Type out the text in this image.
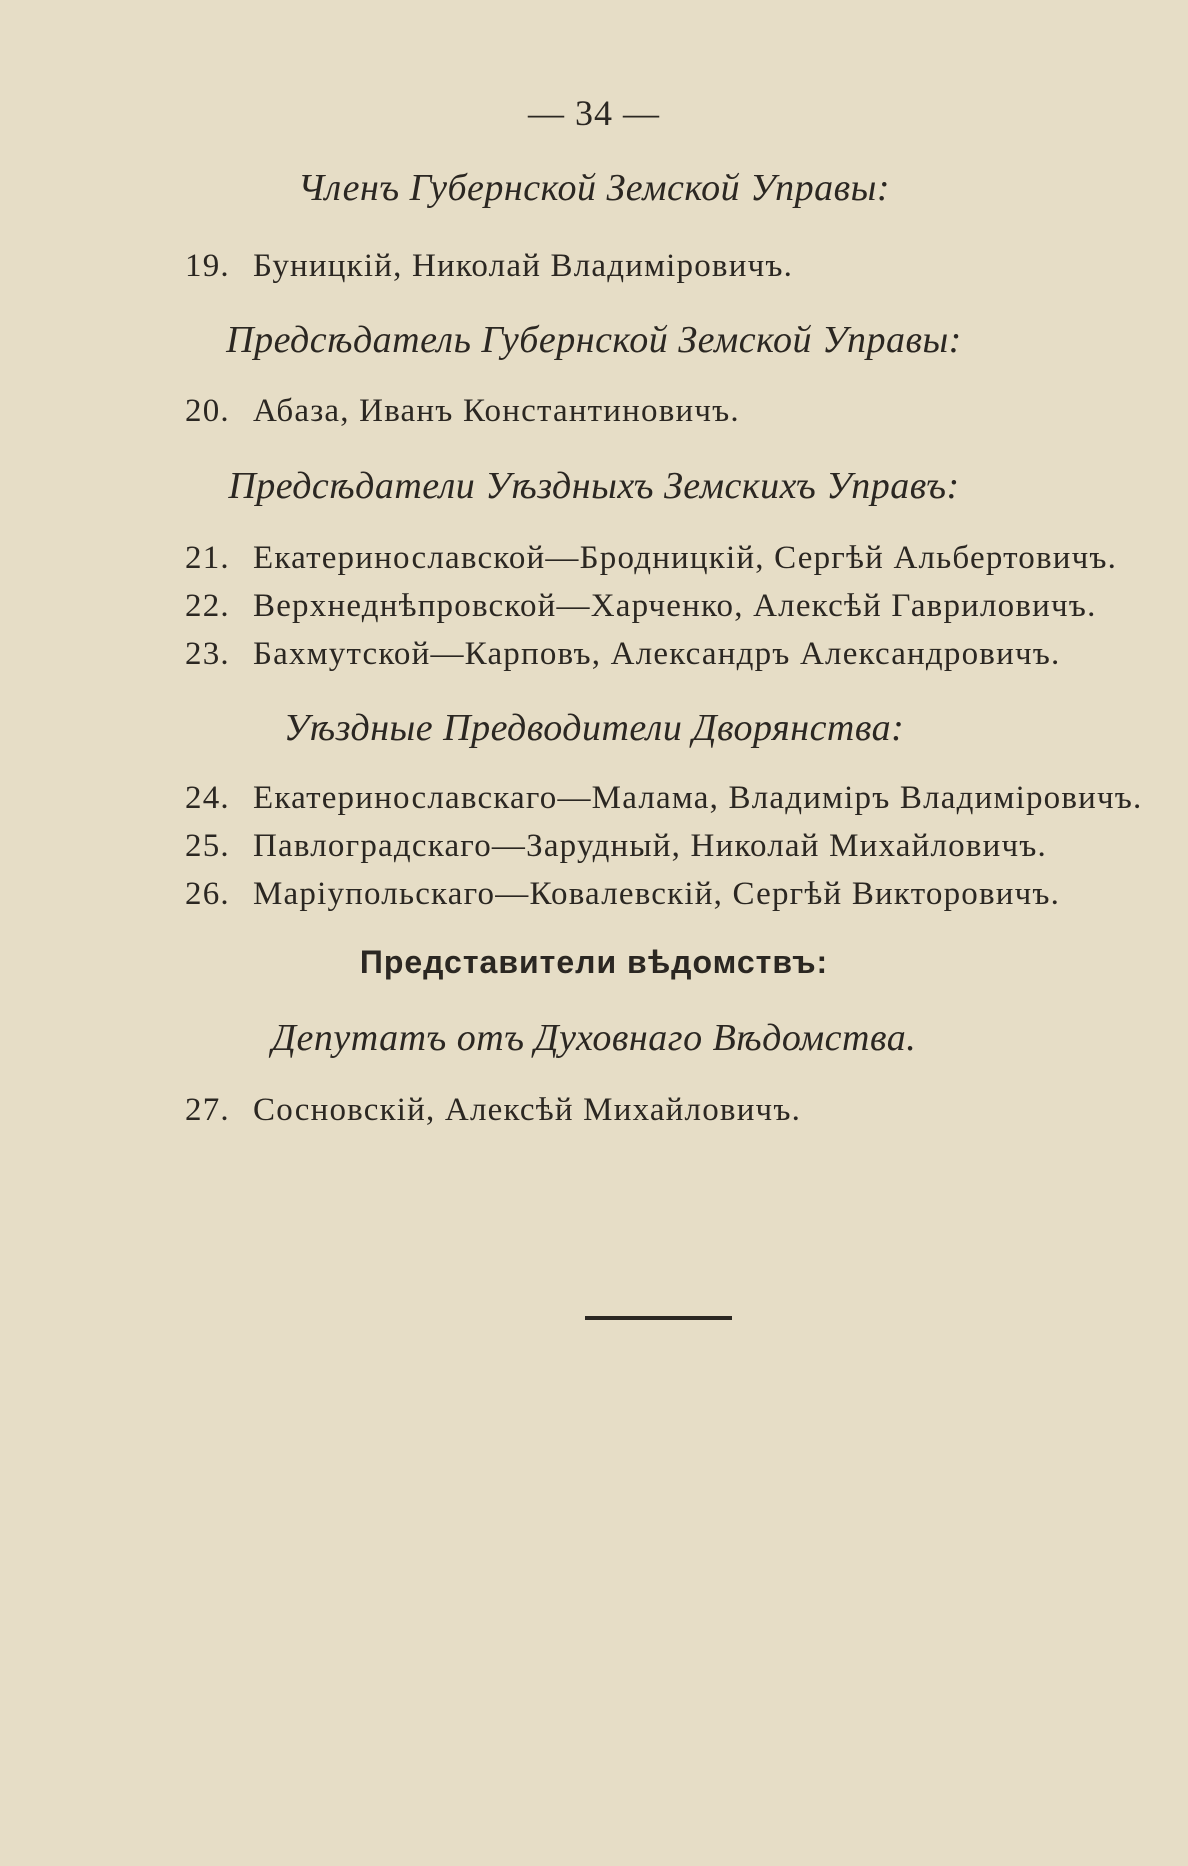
— 34 —
Членъ Губернской Земской Управы:
19. Буницкій, Николай Владиміровичъ.
Предсѣдатель Губернской Земской Управы:
20. Абаза, Иванъ Константиновичъ.
Предсѣдатели Уѣздныхъ Земскихъ Управъ:
21. Екатеринославской—Бродницкій, Сергѣй Альбертовичъ.
22. Верхнеднѣпровской—Харченко, Алексѣй Гавриловичъ.
23. Бахмутской—Карповъ, Александръ Александровичъ.
Уѣздные Предводители Дворянства:
24. Екатеринославскаго—Малама, Владиміръ Владиміровичъ.
25. Павлоградскаго—Зарудный, Николай Михайловичъ.
26. Маріупольскаго—Ковалевскій, Сергѣй Викторовичъ.
Представители вѣдомствъ:
Депутатъ отъ Духовнаго Вѣдомства.
27. Сосновскій, Алексѣй Михайловичъ.
